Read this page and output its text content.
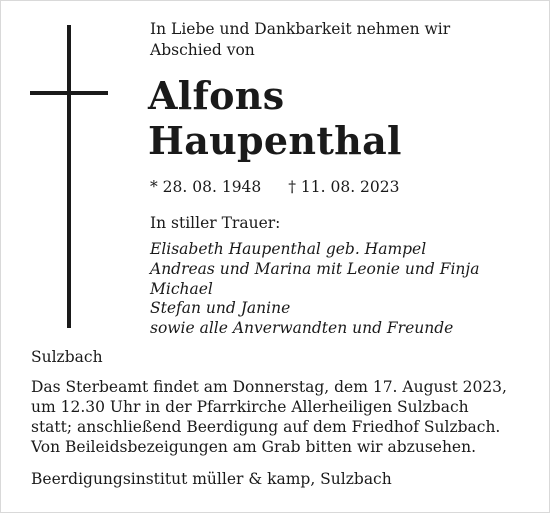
In Liebe und Dankbarkeit nehmen wir
Abschied von
Alfons
Haupenthal
* 28. 08. 1948 † 11. 08. 2023
In stiller Trauer:
Elisabeth Haupenthal geb. Hampel
Andreas und Marina mit Leonie und Finja
Michael
Stefan und Janine
sowie alle Anverwandten und Freunde
Sulzbach
Das Sterbeamt findet am Donnerstag, dem 17. August 2023,
um 12.30 Uhr in der Pfarrkirche Allerheiligen Sulzbach
statt; anschließend Beerdigung auf dem Friedhof Sulzbach.
Von Beileidsbezeigungen am Grab bitten wir abzusehen.
Beerdigungsinstitut müller & kamp, Sulzbach
